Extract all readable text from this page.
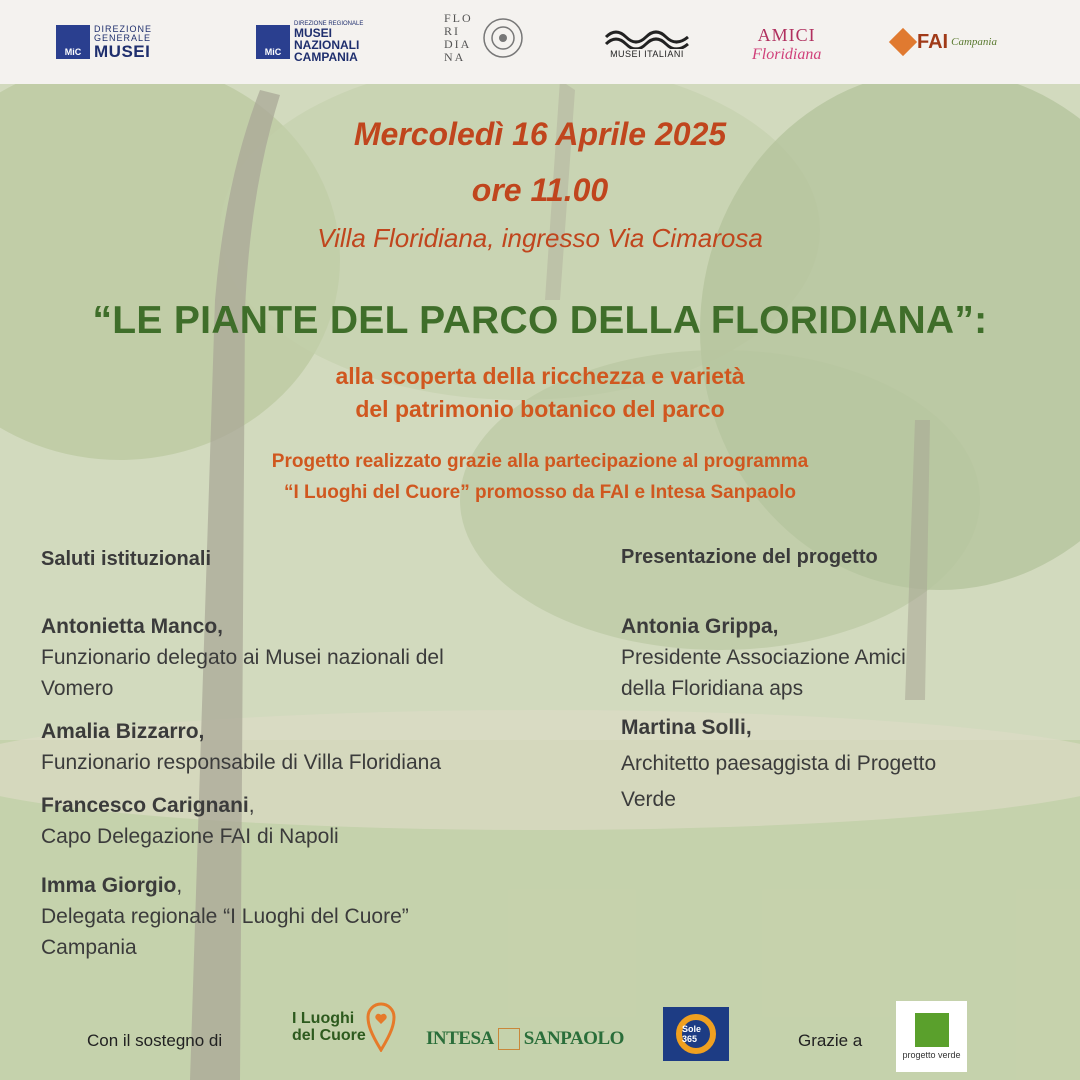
MiC
DIREZIONE
GENERALE
MUSEI	MiC
DIREZIONE REGIONALE
MUSEI
NAZIONALI
CAMPANIA
FLO
RI
DIA
NA	MUSEI ITALIANI
AMICI
Floridiana
FAI Campania

Mercoledì 16 Aprile 2025

ore 11.00

Villa Floridiana, ingresso Via Cimarosa

“LE PIANTE DEL PARCO DELLA FLORIDIANA”:

alla scoperta della ricchezza e varietà

del patrimonio botanico del parco

Progetto realizzato grazie alla partecipazione al programma

“I Luoghi del Cuore” promosso da FAI e Intesa Sanpaolo

Saluti istituzionali

Antonietta Manco,

Funzionario delegato ai Musei nazionali del

Vomero

Amalia Bizzarro,

Funzionario responsabile di Villa Floridiana

Francesco Carignani,

Capo Delegazione FAI di Napoli

Imma Giorgio,

Delegata regionale “I Luoghi del Cuore”

Campania

Presentazione del progetto

Antonia Grippa,

Presidente Associazione Amici

della Floridiana aps

Martina Solli,

Architetto paesaggista di Progetto

Verde

Con il sostegno di
I Luoghi
del Cuore	INTESA SANPAOLO	Sole 365	Grazie a
progetto verde
